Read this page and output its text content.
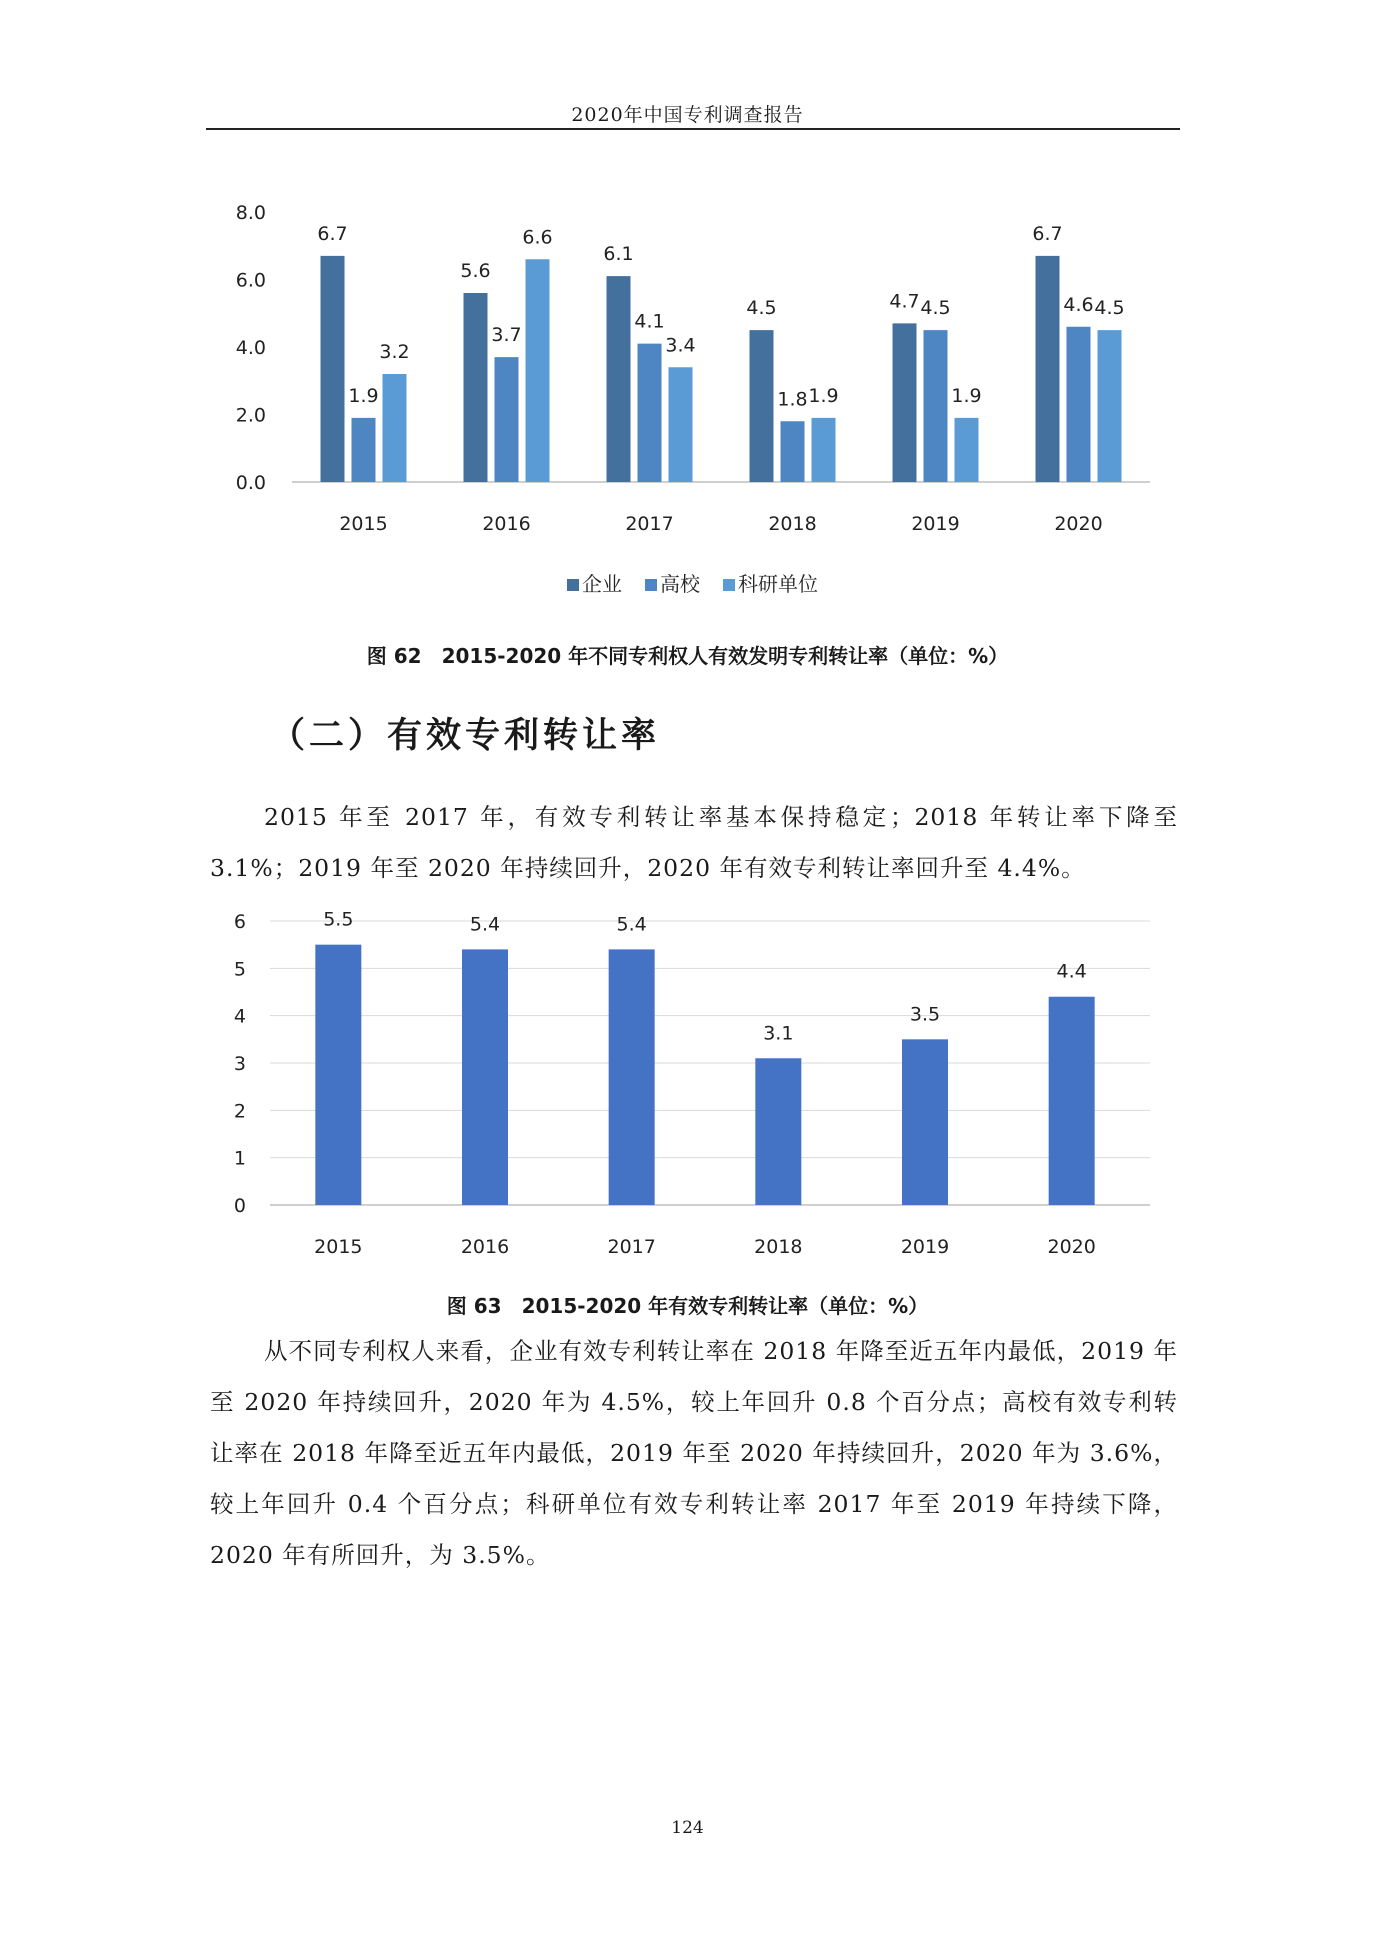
2020年中国专利调查报告
0.0
2.0
4.0
6.0
8.0
2015
6.7
1.9
3.2
2016
5.6
3.7
6.6
2017
6.1
4.1
3.4
2018
4.5
1.8 1.9
2019
4.7 4.5
1.9
2020
6.7
4.6 4.5
企业 高校 科研单位
图 62　2015-2020 年不同专利权人有效发明专利转让率（单位：%）
（二）有效专利转让率
2015 年至 2017 年，有效专利转让率基本保持稳定；2018 年转让率下降至 3.1%；2019 年至 2020 年持续回升，2020 年有效专利转让率回升至 4.4%。
0
1
2
3
4
5
6	5.5
2015
5.4
2016
5.4
2017
3.1
2018
3.5
2019
4.4
2020
图 63　2015-2020 年有效专利转让率（单位：%）
从不同专利权人来看，企业有效专利转让率在 2018 年降至近五年内最低，2019 年至 2020 年持续回升，2020 年为 4.5%，较上年回升 0.8 个百分点；高校有效专利转让率在 2018 年降至近五年内最低，2019 年至 2020 年持续回升，2020 年为 3.6%，较上年回升 0.4 个百分点；科研单位有效专利转让率 2017 年至 2019 年持续下降，2020 年有所回升，为 3.5%。
124
